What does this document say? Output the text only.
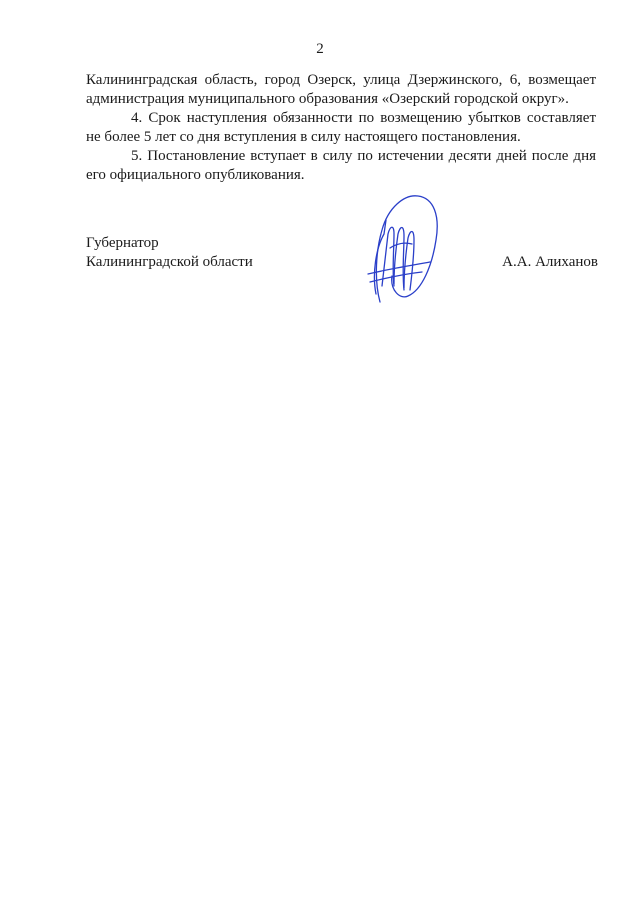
2

Калининградская область, город Озерск, улица Дзержинского, 6, возмещает администрация муниципального образования «Озерский городской округ».

4. Срок наступления обязанности по возмещению убытков составляет не более 5 лет со дня вступления в силу настоящего постановления.

5. Постановление вступает в силу по истечении десяти дней после дня его официального опубликования.

Губернатор
Калининградской области	А.А. Алиханов
